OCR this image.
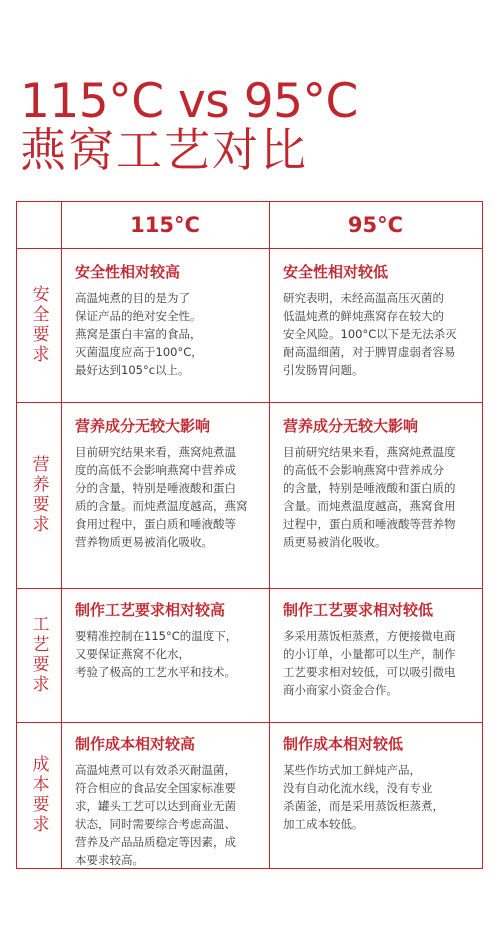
115°C vs 95°C
燕窝工艺对比
115°C	95°C
安全要求
安全性相对较高

高温炖煮的目的是为了
保证产品的绝对安全性。
燕窝是蛋白丰富的食品，
灭菌温度应高于100°C，
最好达到105°c以上。

安全性相对较低

研究表明，未经高温高压灭菌的
低温炖煮的鲜炖燕窝存在较大的
安全风险。100°C以下是无法杀灭
耐高温细菌，对于脾胃虚弱者容易
引发肠胃问题。

营养要求
营养成分无较大影响

目前研究结果来看，燕窝炖煮温
度的高低不会影响燕窝中营养成
分的含量，特别是唾液酸和蛋白
质的含量。而炖煮温度越高，燕窝
食用过程中，蛋白质和唾液酸等
营养物质更易被消化吸收。

营养成分无较大影响

目前研究结果来看，燕窝炖煮温度
的高低不会影响燕窝中营养成分
的含量，特别是唾液酸和蛋白质的
含量。而炖煮温度越高，燕窝食用
过程中，蛋白质和唾液酸等营养物
质更易被消化吸收。

工艺要求
制作工艺要求相对较高

要精准控制在115°C的温度下，
又要保证燕窝不化水，
考验了极高的工艺水平和技术。

制作工艺要求相对较低

多采用蒸饭柜蒸煮，方便接微电商
的小订单，小量都可以生产，制作
工艺要求相对较低，可以吸引微电
商小商家小资金合作。

成本要求
制作成本相对较高

高温炖煮可以有效杀灭耐温菌，
符合相应的食品安全国家标准要
求，罐头工艺可以达到商业无菌
状态，同时需要综合考虑高温、
营养及产品品质稳定等因素，成
本要求较高。

制作成本相对较低

某些作坊式加工鲜炖产品，
没有自动化流水线，没有专业
杀菌釜，而是采用蒸饭柜蒸煮，
加工成本较低。
